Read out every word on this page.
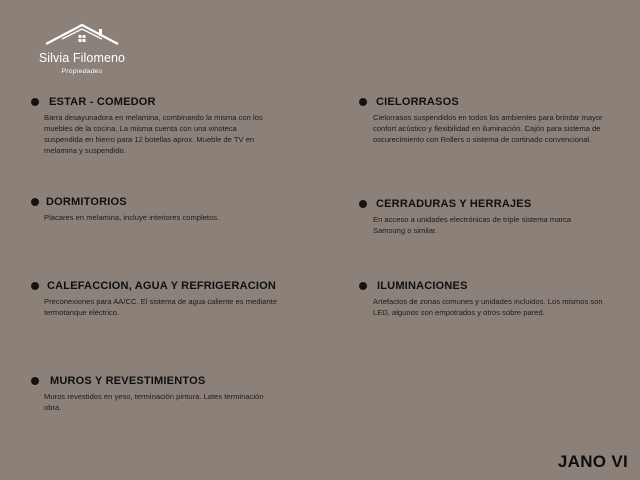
Silvia Filomeno
Propiedades
ESTAR - COMEDOR
Barra desayunadora en melamina, combinando la misma con los muebles de la cocina. La misma cuenta con una vinoteca suspendida en hierro para 12 botellas aprox. Mueble de TV en melamina y suspendido.
DORMITORIOS
Placares en melamina, incluye interiores completos.
CALEFACCION, AGUA Y REFRIGERACION
Preconexiones para AA/CC. El sistema de agua caliente es mediante termotanque eléctrico.
MUROS Y REVESTIMIENTOS
Muros revestidos en yeso, terminación pintura. Latex terminación obra.
CIELORRASOS
Cielorrasos suspendidos en todos los ambientes para brindar mayor confort acústico y flexibilidad en iluminación. Cajón para sistema de oscurecimiento con Rollers o sistema de cortinado convencional.
CERRADURAS Y HERRAJES
En acceso a unidades electrónicas de triple sistema marca Samsung o similar.
ILUMINACIONES
Artefactos de zonas comunes y unidades incluidos. Los mismos son LED, algunos son empotrados y otros sobre pared.
JANO VI
